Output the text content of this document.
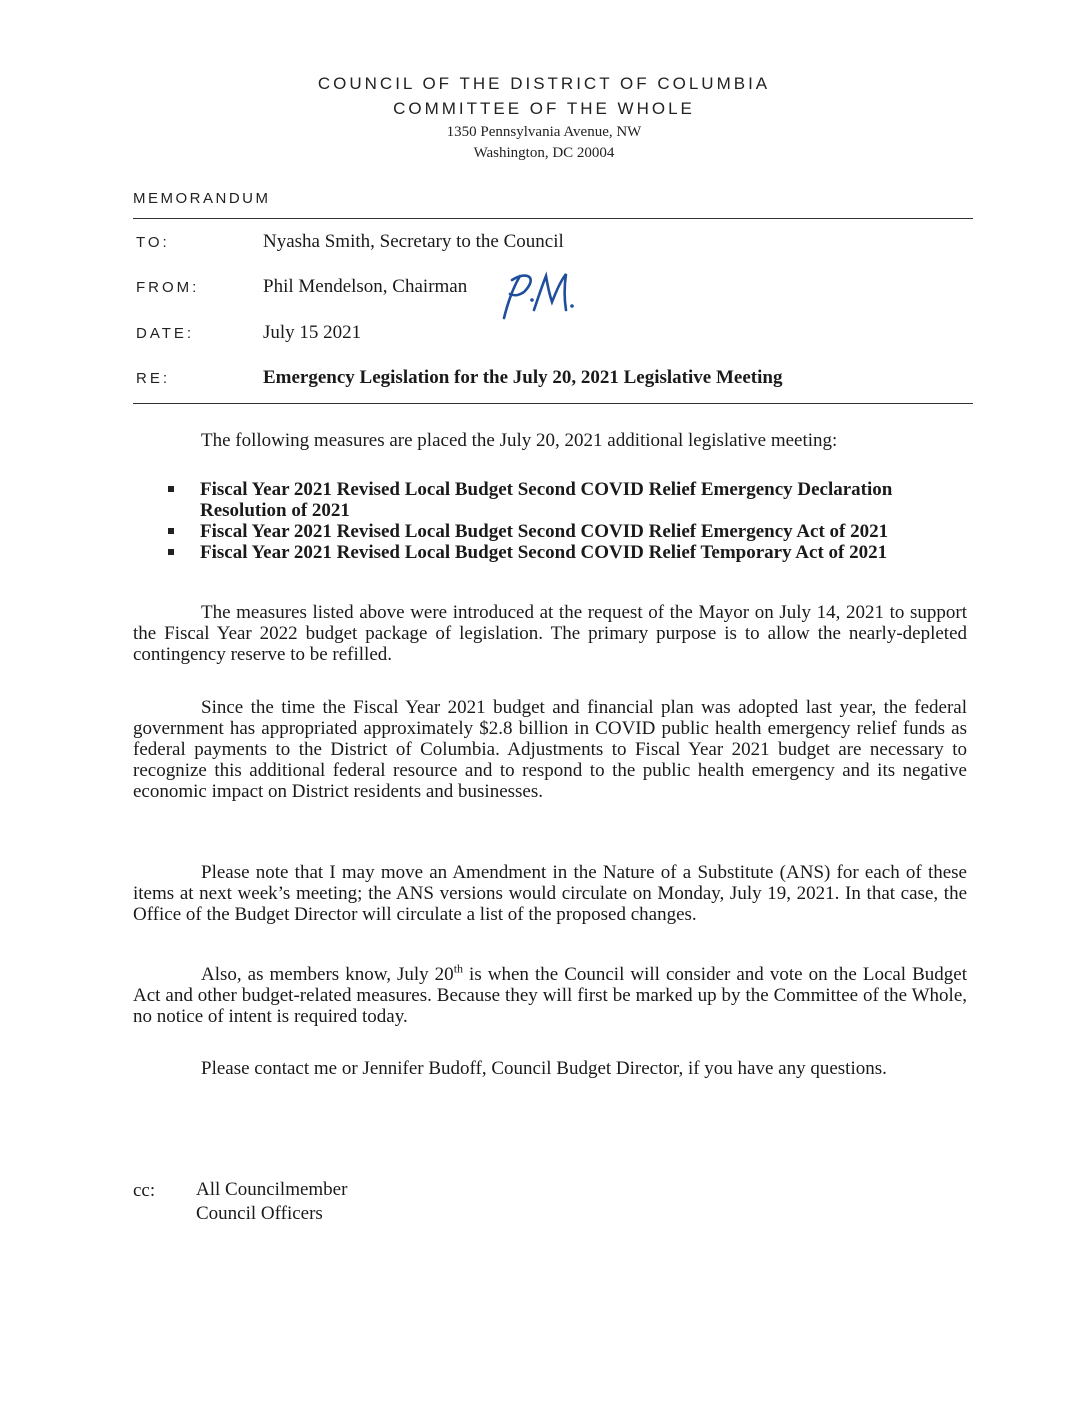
COUNCIL OF THE DISTRICT OF COLUMBIA
COMMITTEE OF THE WHOLE
1350 Pennsylvania Avenue, NW
Washington, DC 20004
MEMORANDUM
TO:	Nyasha Smith, Secretary to the Council
FROM:	Phil Mendelson, Chairman
DATE:	July 15 2021
RE:	Emergency Legislation for the July 20, 2021 Legislative Meeting
The following measures are placed the July 20, 2021 additional legislative meeting:
Fiscal Year 2021 Revised Local Budget Second COVID Relief Emergency Declaration Resolution of 2021
Fiscal Year 2021 Revised Local Budget Second COVID Relief Emergency Act of 2021
Fiscal Year 2021 Revised Local Budget Second COVID Relief Temporary Act of 2021
The measures listed above were introduced at the request of the Mayor on July 14, 2021 to support the Fiscal Year 2022 budget package of legislation. The primary purpose is to allow the nearly-depleted contingency reserve to be refilled.
Since the time the Fiscal Year 2021 budget and financial plan was adopted last year, the federal government has appropriated approximately $2.8 billion in COVID public health emergency relief funds as federal payments to the District of Columbia. Adjustments to Fiscal Year 2021 budget are necessary to recognize this additional federal resource and to respond to the public health emergency and its negative economic impact on District residents and businesses.
Please note that I may move an Amendment in the Nature of a Substitute (ANS) for each of these items at next week’s meeting; the ANS versions would circulate on Monday, July 19, 2021. In that case, the Office of the Budget Director will circulate a list of the proposed changes.
Also, as members know, July 20th is when the Council will consider and vote on the Local Budget Act and other budget-related measures. Because they will first be marked up by the Committee of the Whole, no notice of intent is required today.
Please contact me or Jennifer Budoff, Council Budget Director, if you have any questions.
cc: All Councilmember
Council Officers
